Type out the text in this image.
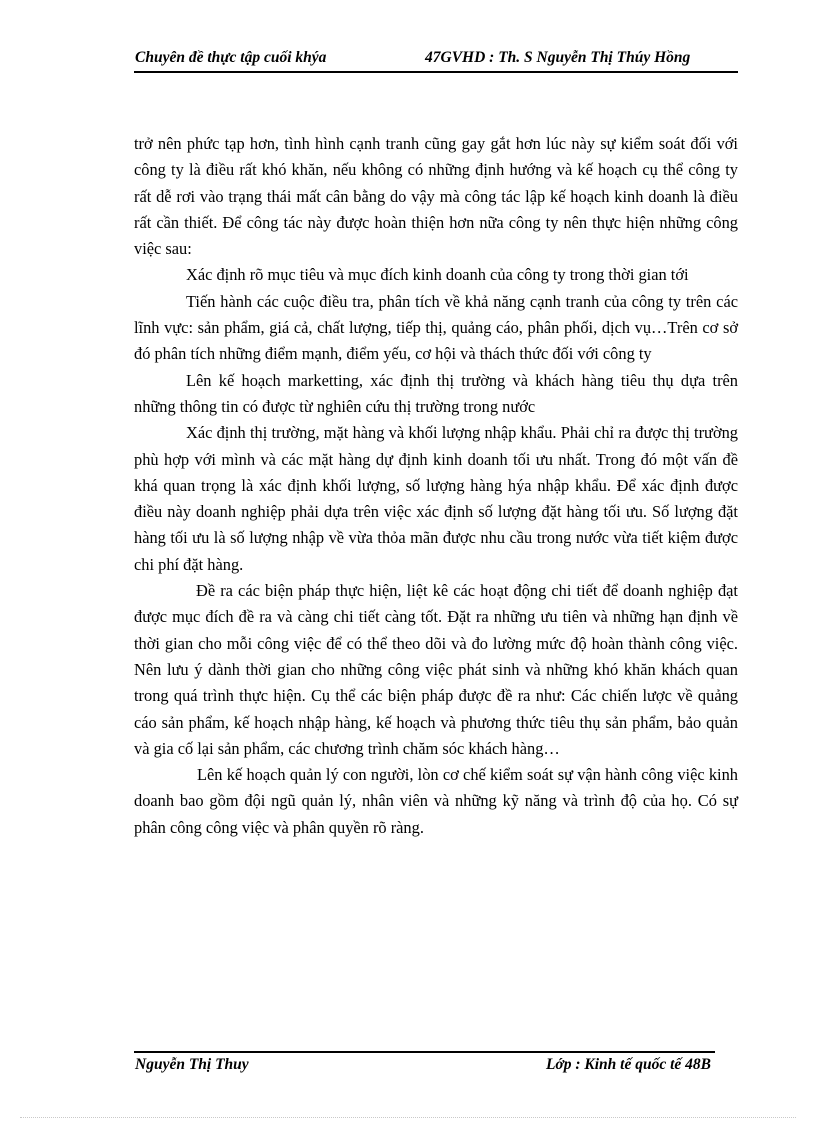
Chuyên đề thực tập cuối khýa	47GVHD : Th. S Nguyễn Thị Thúy Hồng

trở nên phức tạp hơn, tình hình cạnh tranh cũng gay gắt hơn lúc này sự kiểm soát đối với công ty là điều rất khó khăn, nếu không có những định hướng và kế hoạch cụ thể công ty rất dễ rơi vào trạng thái mất cân bằng do vậy mà công tác lập kế hoạch kinh doanh là điều rất cần thiết. Để công tác này được hoàn thiện hơn nữa công ty nên thực hiện những công việc sau:

Xác định rõ mục tiêu và mục đích kinh doanh của công ty trong thời gian tới

Tiến hành các cuộc điều tra, phân tích về khả năng cạnh tranh của công ty trên các lĩnh vực: sản phẩm, giá cả, chất lượng, tiếp thị, quảng cáo, phân phối, dịch vụ…Trên cơ sở đó phân tích những điểm mạnh, điểm yếu, cơ hội và thách thức đối với công ty

Lên kế hoạch marketting, xác định thị trường và khách hàng tiêu thụ dựa trên những thông tin có được từ nghiên cứu thị trường trong nước

Xác định thị trường, mặt hàng và khối lượng nhập khẩu. Phải chỉ ra được thị trường phù hợp với mình và các mặt hàng dự định kinh doanh tối ưu nhất. Trong đó một vấn đề khá quan trọng là xác định khối lượng, số lượng hàng hýa nhập khẩu. Để xác định được điều này doanh nghiệp phải dựa trên việc xác định số lượng đặt hàng tối ưu. Số lượng đặt hàng tối ưu là số lượng nhập về vừa thỏa mãn được nhu cầu trong nước vừa tiết kiệm được chi phí đặt hàng.

Đề ra các biện pháp thực hiện, liệt kê các hoạt động chi tiết để doanh nghiệp đạt được mục đích đề ra và càng chi tiết càng tốt. Đặt ra những ưu tiên và những hạn định về thời gian cho mỗi công việc để có thể theo dõi và đo lường mức độ hoàn thành công việc. Nên lưu ý dành thời gian cho những công việc phát sinh và những khó khăn khách quan trong quá trình thực hiện. Cụ thể các biện pháp được đề ra như: Các chiến lược về quảng cáo sản phẩm, kế hoạch nhập hàng, kế hoạch và phương thức tiêu thụ sản phẩm, bảo quản và gia cố lại sản phẩm, các chương trình chăm sóc khách hàng…

Lên kế hoạch quản lý con người, lòn cơ chế kiểm soát sự vận hành công việc kinh doanh bao gồm đội ngũ quản lý, nhân viên và những kỹ năng và trình độ của họ. Có sự phân công công việc và phân quyền rõ ràng.

Nguyễn Thị Thuy	Lớp : Kinh tế quốc tế 48B
